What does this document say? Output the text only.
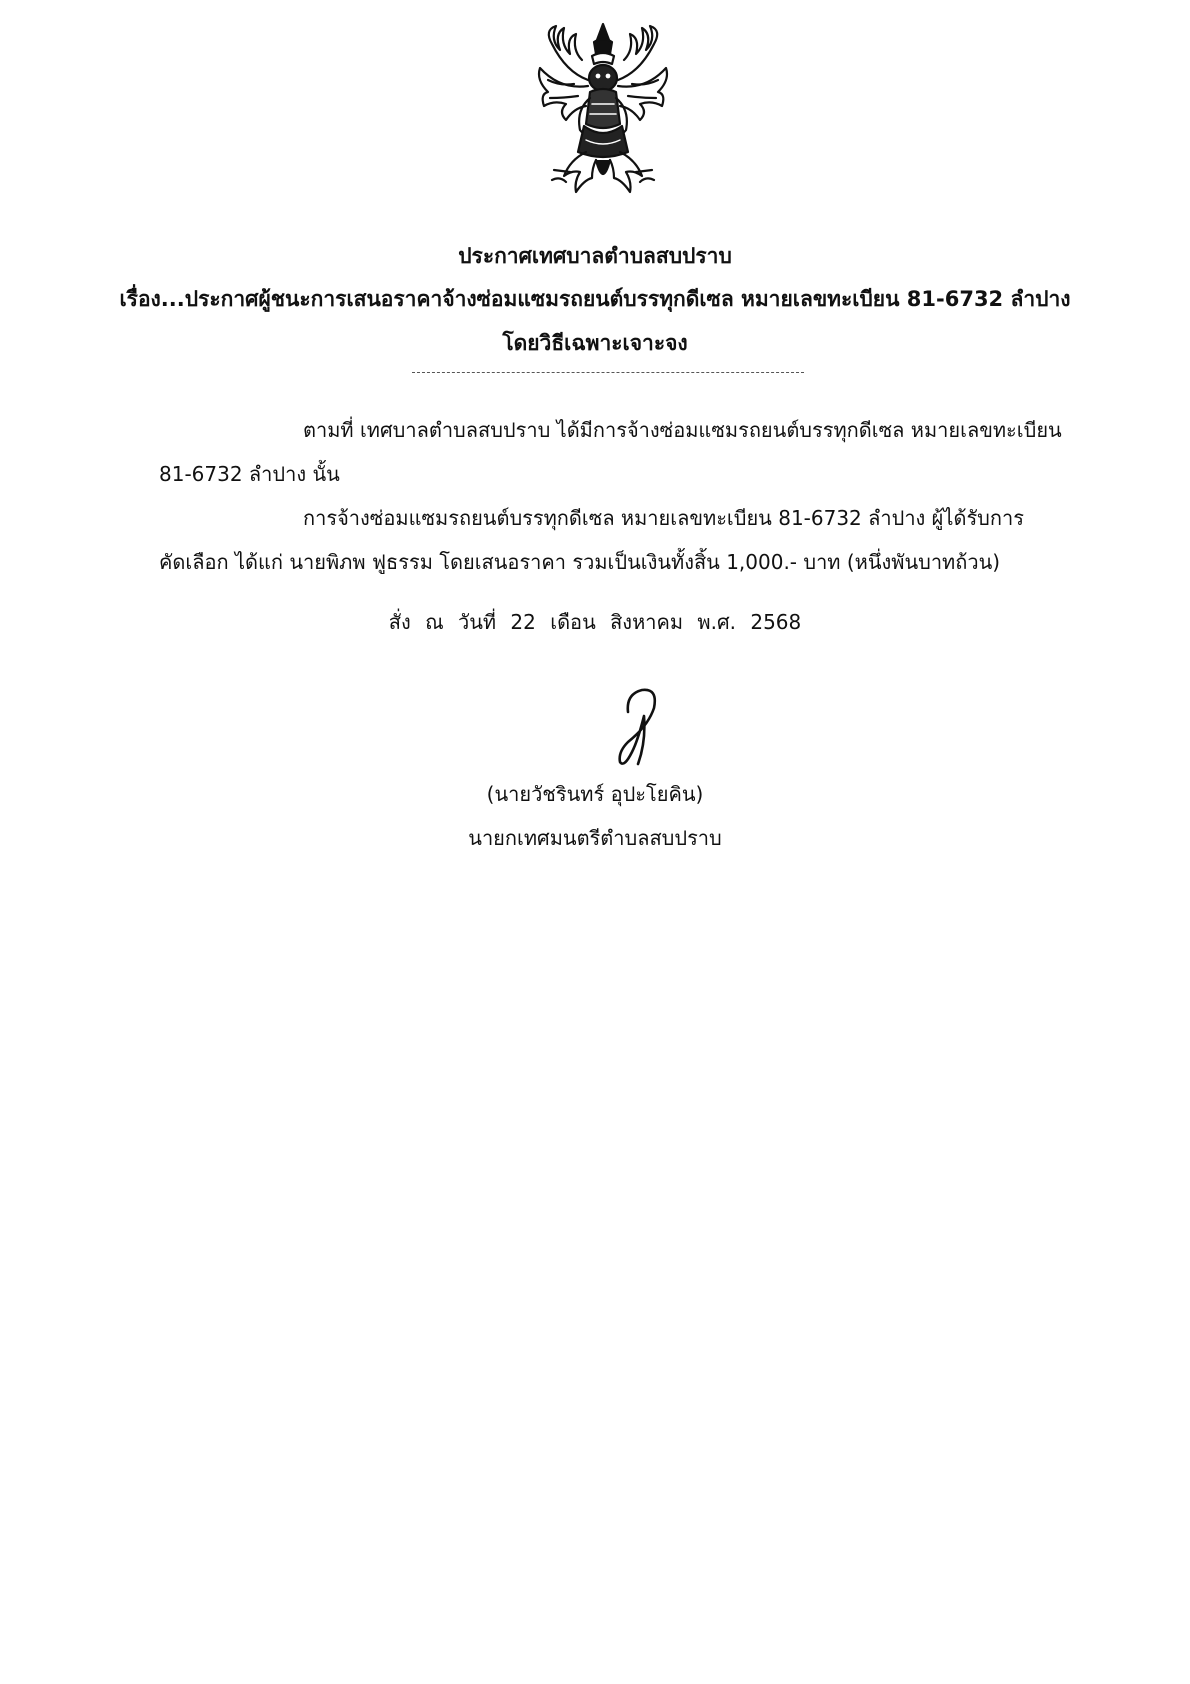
ประกาศเทศบาลตำบลสบปราบ
เรื่อง...ประกาศผู้ชนะการเสนอราคาจ้างซ่อมแซมรถยนต์บรรทุกดีเซล หมายเลขทะเบียน 81-6732 ลำปาง
โดยวิธีเฉพาะเจาะจง
ตามที่ เทศบาลตำบลสบปราบ ได้มีการจ้างซ่อมแซมรถยนต์บรรทุกดีเซล หมายเลขทะเบียน
81-6732 ลำปาง นั้น
การจ้างซ่อมแซมรถยนต์บรรทุกดีเซล หมายเลขทะเบียน 81-6732 ลำปาง ผู้ได้รับการ
คัดเลือก ได้แก่ นายพิภพ ฟูธรรม โดยเสนอราคา รวมเป็นเงินทั้งสิ้น 1,000.- บาท (หนึ่งพันบาทถ้วน)
สั่ง ณ วันที่ 22 เดือน สิงหาคม พ.ศ. 2568
(นายวัชรินทร์ อุปะโยคิน)
นายกเทศมนตรีตำบลสบปราบ
